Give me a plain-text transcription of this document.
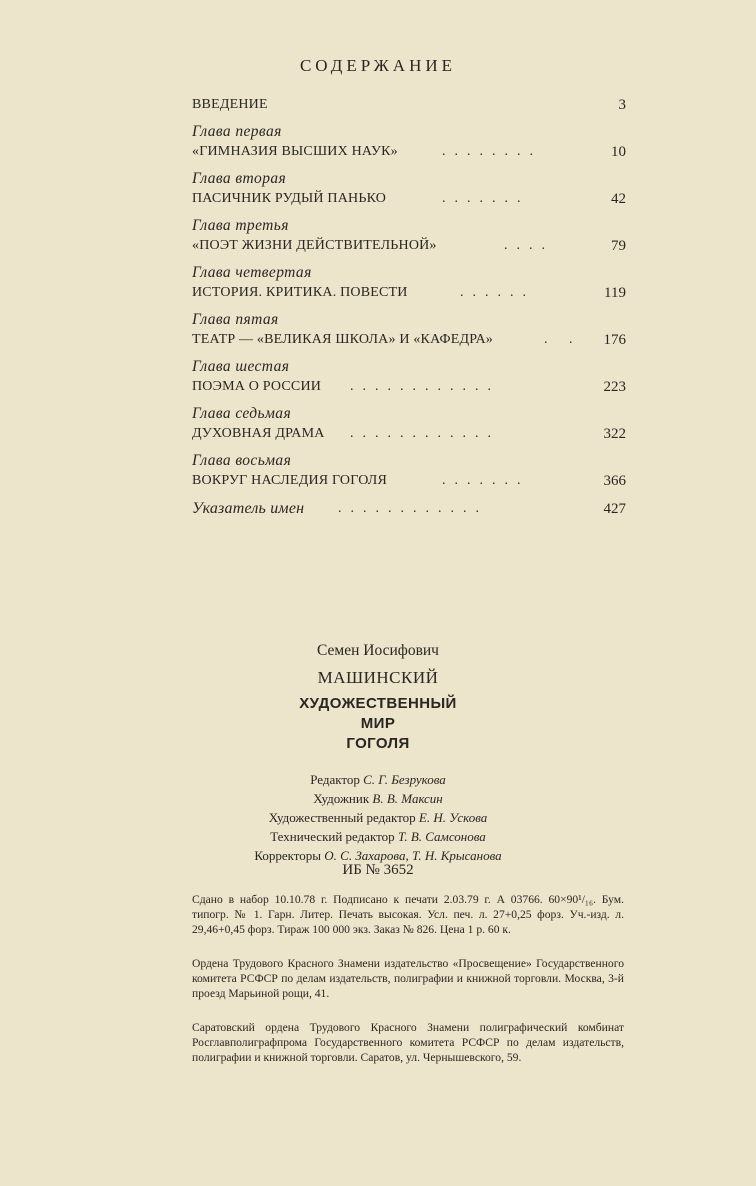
СОДЕРЖАНИЕ
ВВЕДЕНИЕ	3
Глава первая
«ГИМНАЗИЯ ВЫСШИХ НАУК»	........	10
Глава вторая
ПАСИЧНИК РУДЫЙ ПАНЬКО	.......	42
Глава третья
«ПОЭТ ЖИЗНИ ДЕЙСТВИТЕЛЬНОЙ»	....	79
Глава четвертая
ИСТОРИЯ. КРИТИКА. ПОВЕСТИ	......	119
Глава пятая
ТЕАТР — «ВЕЛИКАЯ ШКОЛА» И «КАФЕДРА»	. . 176
Глава шестая
ПОЭМА О РОССИИ ............	223
Глава седьмая
ДУХОВНАЯ ДРАМА ............	322
Глава восьмая
ВОКРУГ НАСЛЕДИЯ ГОГОЛЯ	.......	366
Указатель имен ............	427
Семен Иосифович
МАШИНСКИЙ
ХУДОЖЕСТВЕННЫЙ
МИР
ГОГОЛЯ
Редактор С. Г. Безрукова
Художник В. В. Максин
Художественный редактор Е. Н. Ускова
Технический редактор Т. В. Самсонова
Корректоры О. С. Захарова, Т. Н. Крысанова
ИБ № 3652

Сдано в набор 10.10.78 г. Подписано к печати 2.03.79 г. А 03766. 60×90¹/₁₆. Бум. типогр. № 1. Гарн. Литер. Печать высокая. Усл. печ. л. 27+0,25 форз. Уч.-изд. л. 29,46+0,45 форз. Тираж 100 000 экз. Заказ № 826. Цена 1 р. 60 к.

Ордена Трудового Красного Знамени издательство «Просвещение» Государственного комитета РСФСР по делам издательств, полиграфии и книжной торговли. Москва, 3-й проезд Марьиной рощи, 41.

Саратовский ордена Трудового Красного Знамени полиграфический комбинат Росглавполиграфпрома Государственного комитета РСФСР по делам издательств, полиграфии и книжной торговли. Саратов, ул. Чернышевского, 59.
